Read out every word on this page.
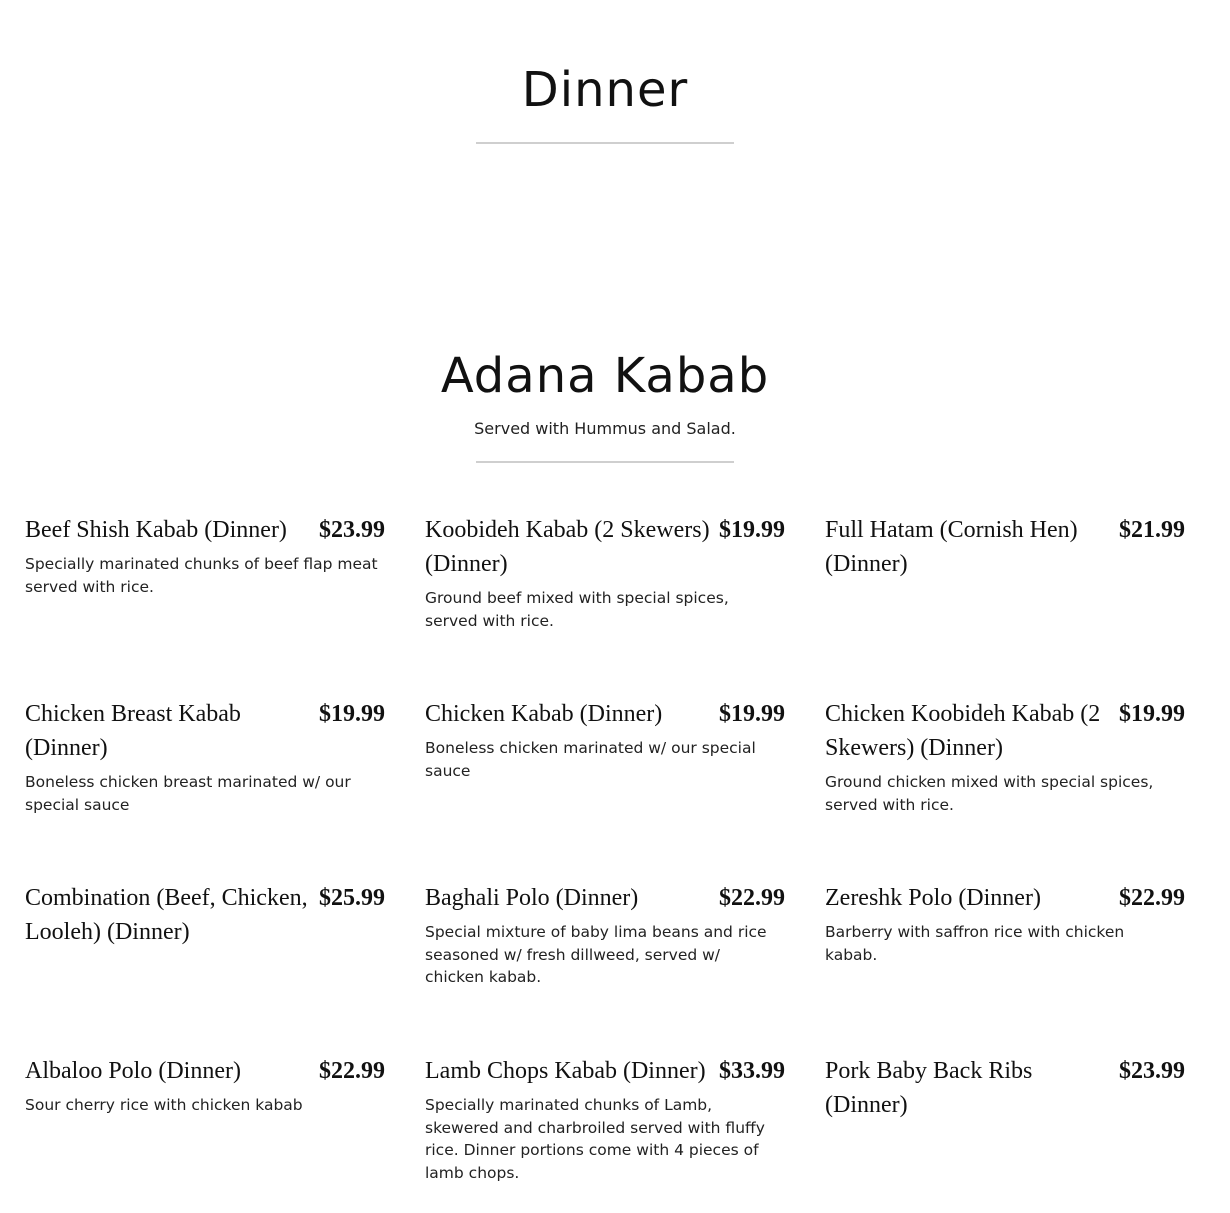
Dinner
Adana Kabab
Served with Hummus and Salad.
Beef Shish Kabab (Dinner)	$23.99
Specially marinated chunks of beef flap meat served with rice.
Koobideh Kabab (2 Skewers) (Dinner)
$19.99
Ground beef mixed with special spices, served with rice.
Full Hatam (Cornish Hen) (Dinner)
$21.99
Chicken Breast Kabab (Dinner)
$19.99
Boneless chicken breast marinated w/ our special sauce
Chicken Kabab (Dinner)	$19.99
Boneless chicken marinated w/ our special sauce
Chicken Koobideh Kabab (2 Skewers) (Dinner)
$19.99
Ground chicken mixed with special spices, served with rice.
Combination (Beef, Chicken, Looleh) (Dinner)
$25.99 Baghali Polo (Dinner)	$22.99
Special mixture of baby lima beans and rice seasoned w/ fresh dillweed, served w/ chicken kabab.
Zereshk Polo (Dinner)	$22.99
Barberry with saffron rice with chicken kabab.
Albaloo Polo (Dinner)	$22.99
Sour cherry rice with chicken kabab
Lamb Chops Kabab (Dinner) $33.99
Specially marinated chunks of Lamb, skewered and charbroiled served with fluffy rice. Dinner portions come with 4 pieces of lamb chops.
Pork Baby Back Ribs (Dinner)
$23.99
